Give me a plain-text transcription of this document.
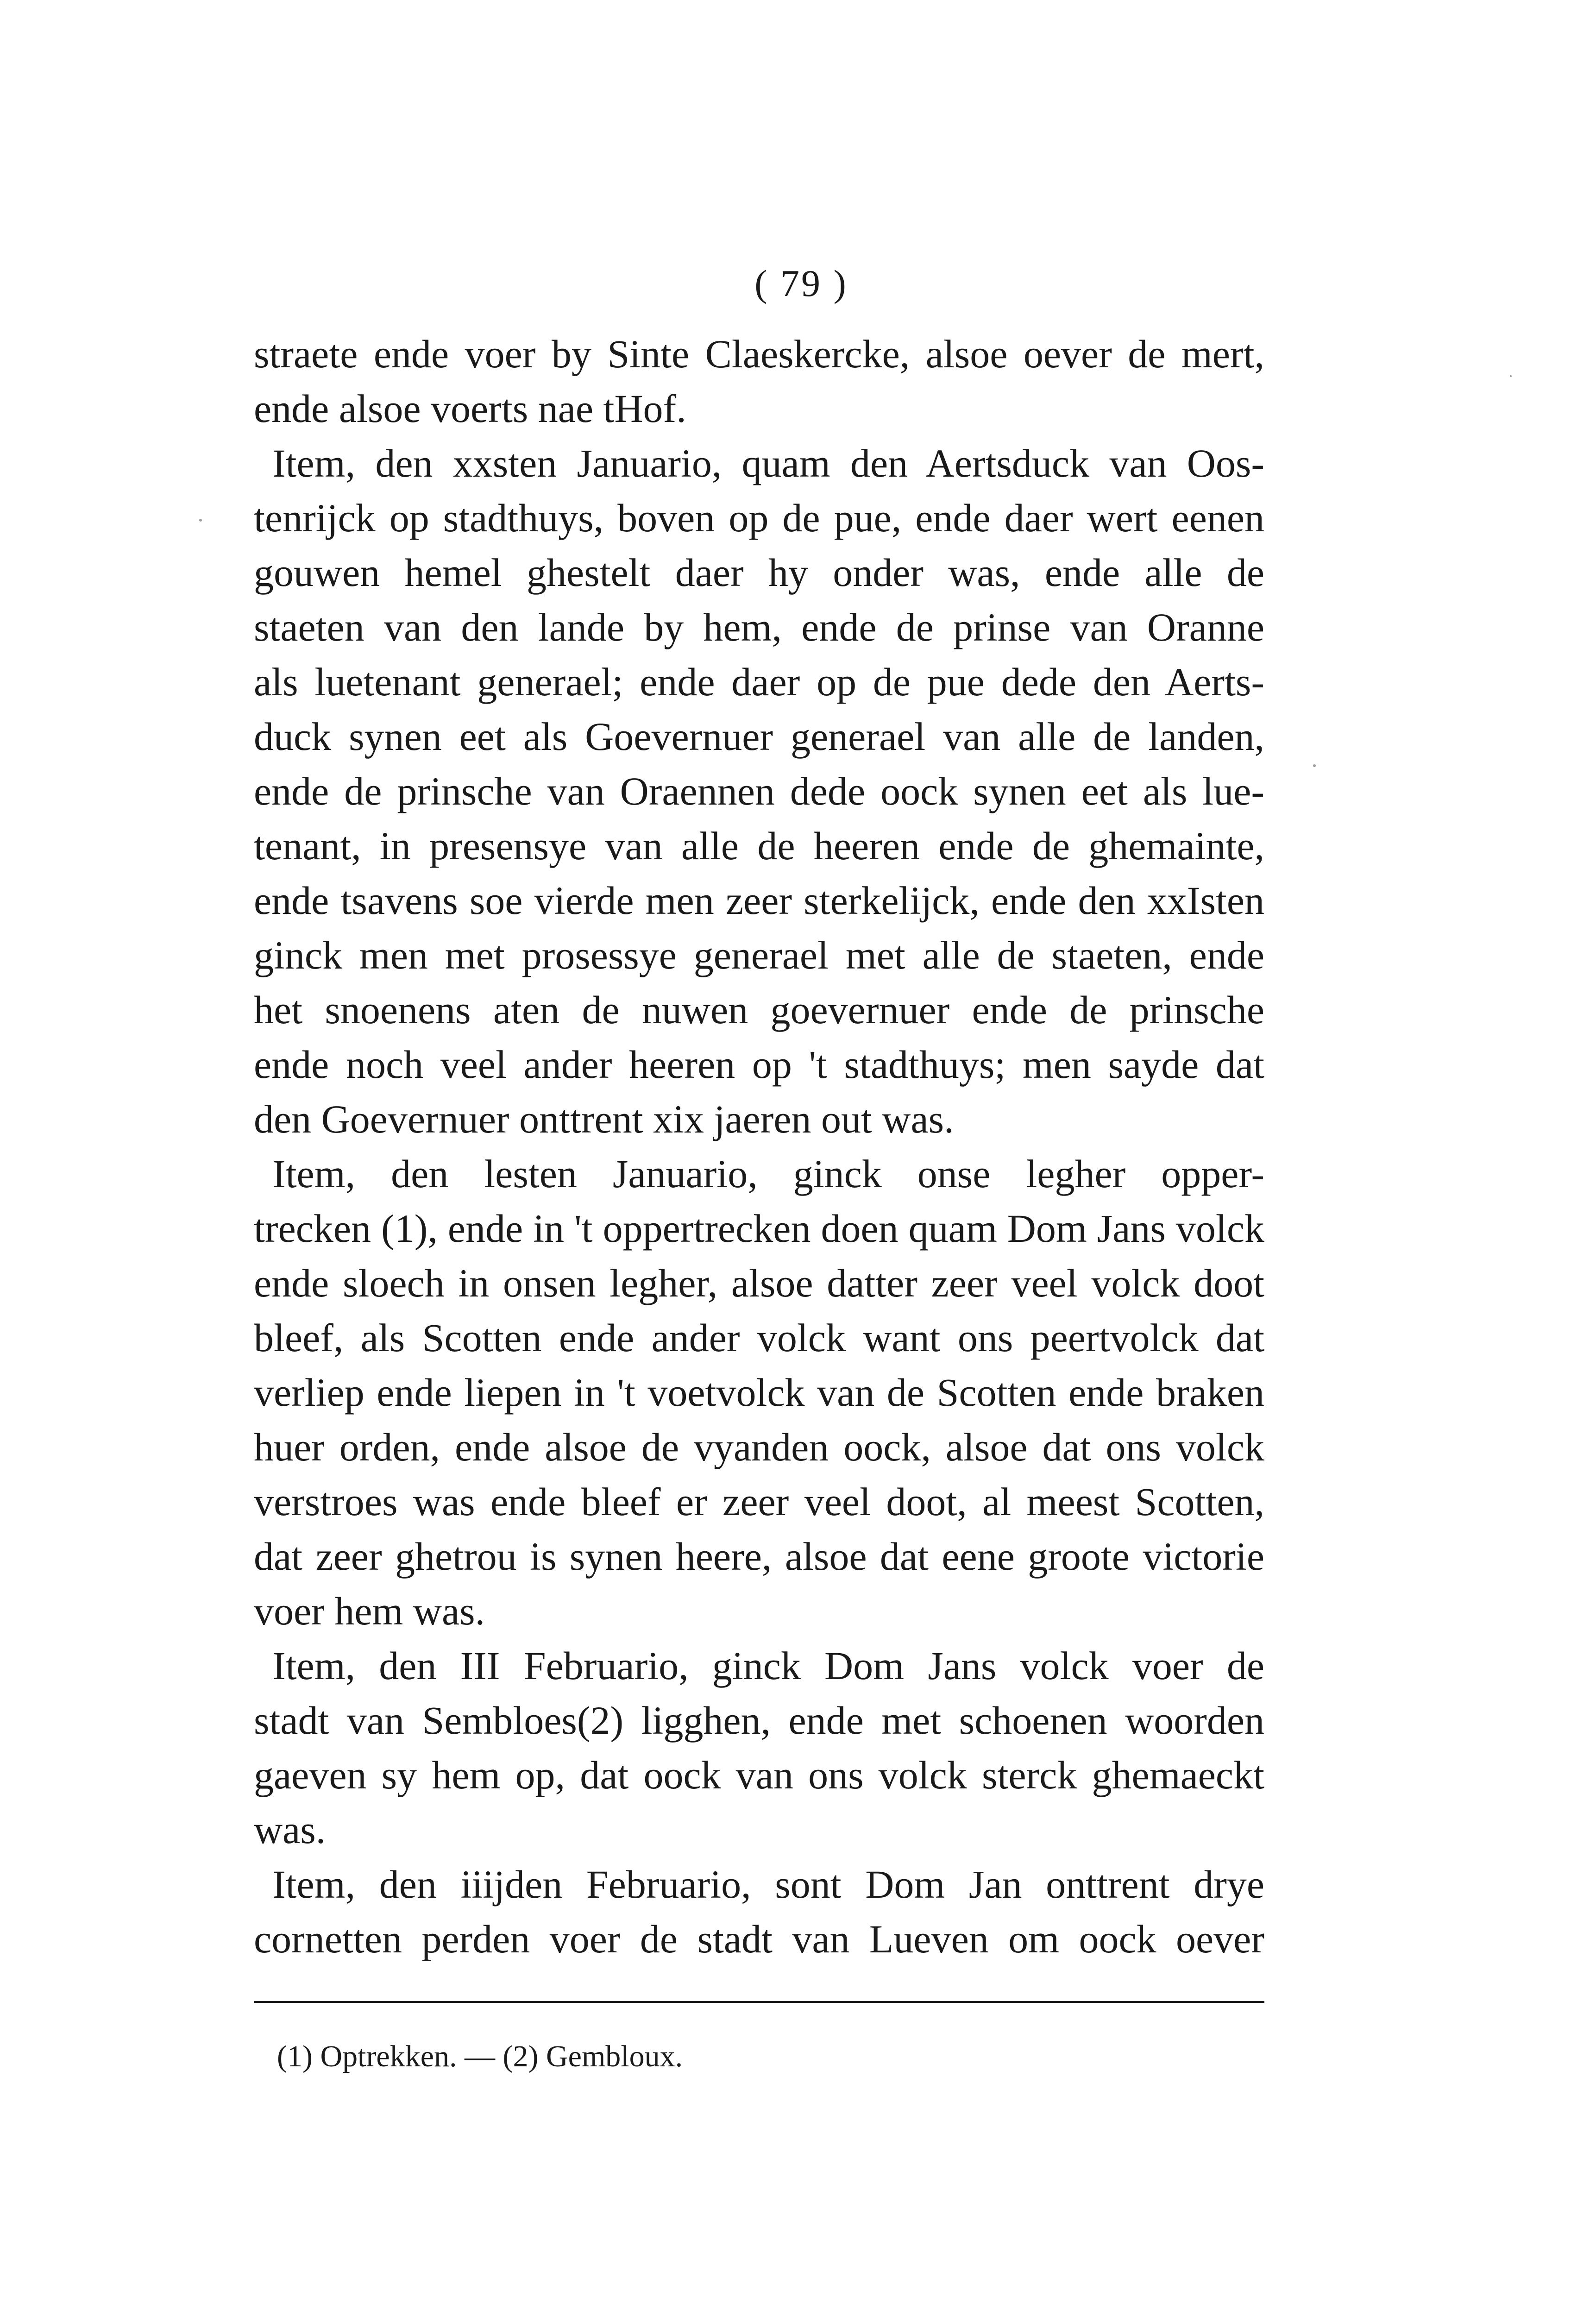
( 79 )
straete ende voer by Sinte Claeskercke, alsoe oever de mert,
ende alsoe voerts nae tHof.
Item, den xxsten Januario, quam den Aertsduck van Oos-
tenrijck op stadthuys, boven op de pue, ende daer wert eenen
gouwen hemel ghestelt daer hy onder was, ende alle de
staeten van den lande by hem, ende de prinse van Oranne
als luetenant generael; ende daer op de pue dede den Aerts-
duck synen eet als Goevernuer generael van alle de landen,
ende de prinsche van Oraennen dede oock synen eet als lue-
tenant, in presensye van alle de heeren ende de ghemainte,
ende tsavens soe vierde men zeer sterkelijck, ende den xxIsten
ginck men met prosessye generael met alle de staeten, ende
het snoenens aten de nuwen goevernuer ende de prinsche
ende noch veel ander heeren op 't stadthuys; men sayde dat
den Goevernuer onttrent xix jaeren out was.
Item, den lesten Januario, ginck onse legher opper-
trecken (1), ende in 't oppertrecken doen quam Dom Jans volck
ende sloech in onsen legher, alsoe datter zeer veel volck doot
bleef, als Scotten ende ander volck want ons peertvolck dat
verliep ende liepen in 't voetvolck van de Scotten ende braken
huer orden, ende alsoe de vyanden oock, alsoe dat ons volck
verstroes was ende bleef er zeer veel doot, al meest Scotten,
dat zeer ghetrou is synen heere, alsoe dat eene groote victorie
voer hem was.
Item, den III Februario, ginck Dom Jans volck voer de
stadt van Sembloes(2) ligghen, ende met schoenen woorden
gaeven sy hem op, dat oock van ons volck sterck ghemaeckt
was.
Item, den iiijden Februario, sont Dom Jan onttrent drye
cornetten perden voer de stadt van Lueven om oock oever
(1) Optrekken. — (2) Gembloux.
